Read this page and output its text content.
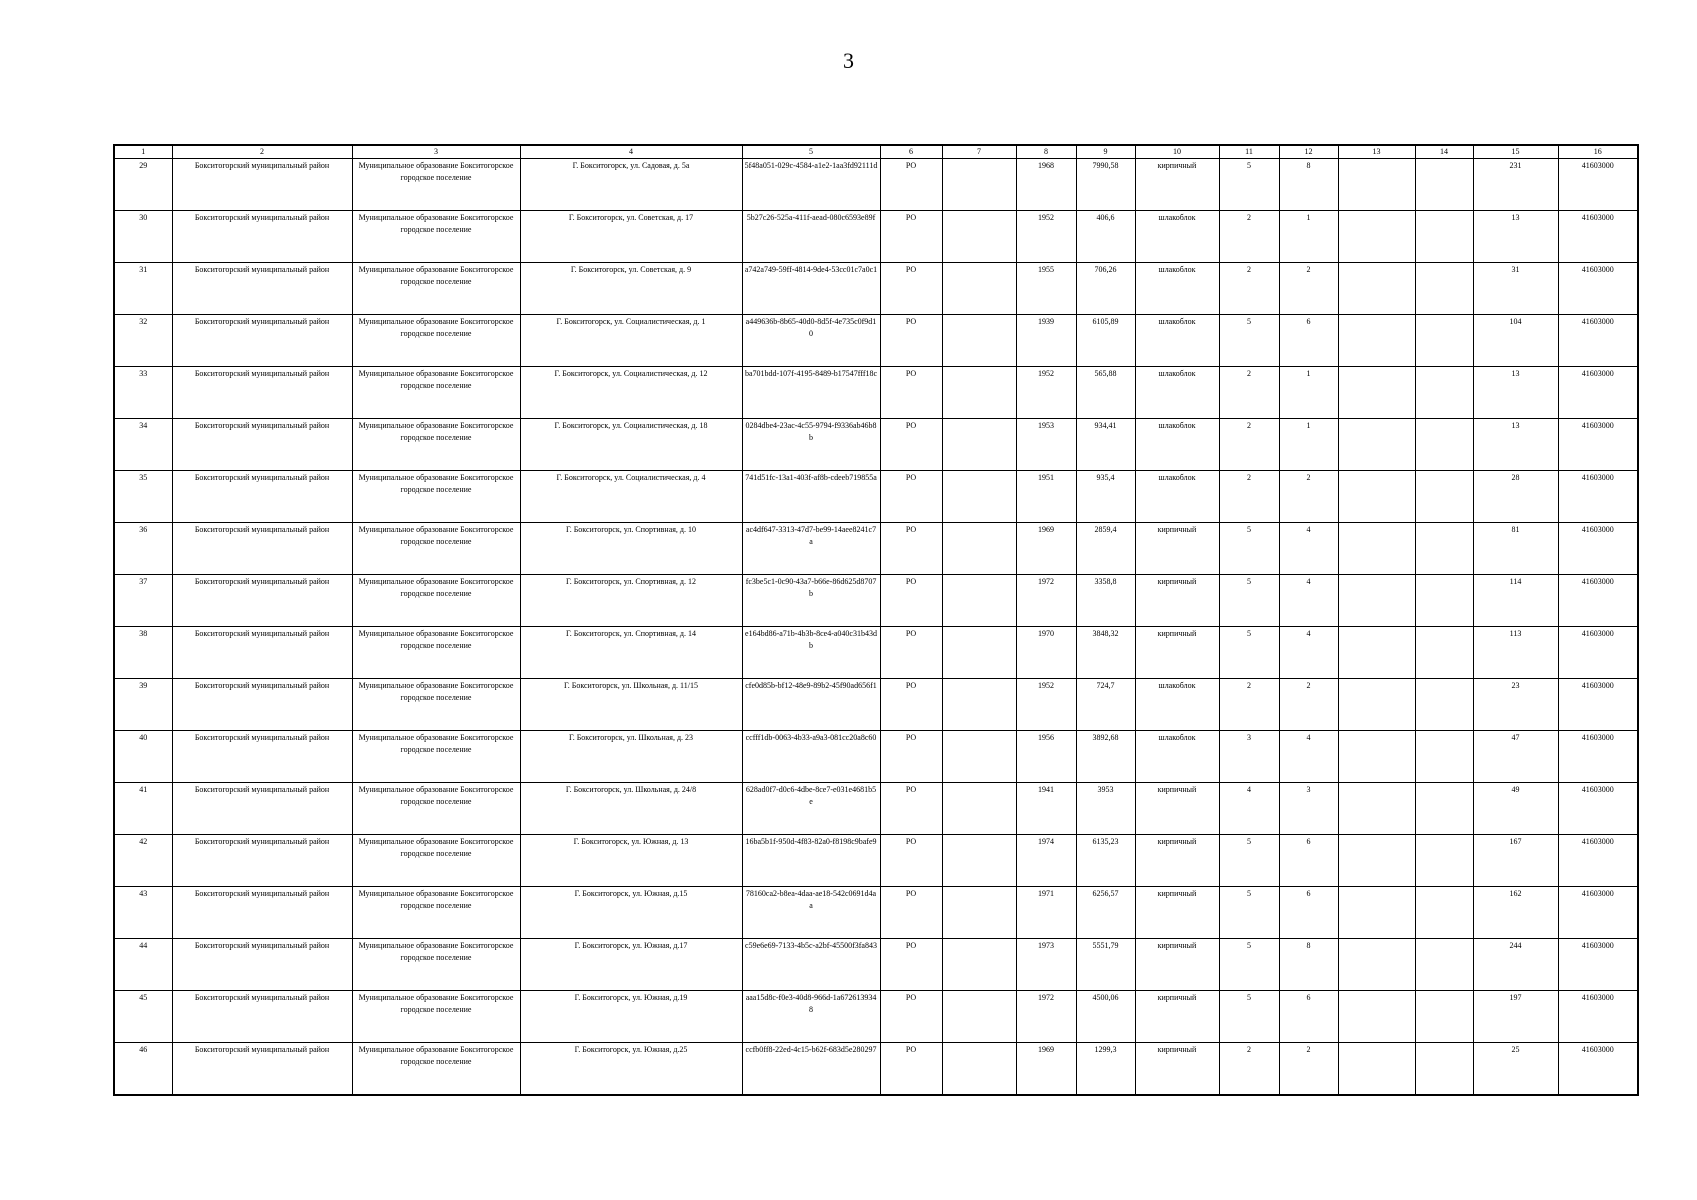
3
1	2	3	4	5	6	7	8	9	10	11	12	13	14	15	16
29	Бокситогорский муниципальный район	Муниципальное образование Бокситогорское городское поселение	Г. Бокситогорск, ул. Садовая, д. 5а	5f48a051-029c-4584-a1e2-1aa3fd92111d	РО		1968	7990,58	кирпичный	5	8			231	41603000
30	Бокситогорский муниципальный район	Муниципальное образование Бокситогорское городское поселение	Г. Бокситогорск, ул. Советская, д. 17	5b27c26-525a-411f-aead-080c6593e89f	РО		1952	406,6	шлакоблок	2	1			13	41603000
31	Бокситогорский муниципальный район	Муниципальное образование Бокситогорское городское поселение	Г. Бокситогорск, ул. Советская, д. 9	a742a749-59ff-4814-9de4-53cc01c7a0c1	РО		1955	706,26	шлакоблок	2	2			31	41603000
32	Бокситогорский муниципальный район	Муниципальное образование Бокситогорское городское поселение	Г. Бокситогорск, ул. Социалистическая, д. 1	a449636b-8b65-40d0-8d5f-4e735c0f9d10	РО		1939	6105,89	шлакоблок	5	6			104	41603000
33	Бокситогорский муниципальный район	Муниципальное образование Бокситогорское городское поселение	Г. Бокситогорск, ул. Социалистическая, д. 12	ba701bdd-107f-4195-8489-b17547fff18c	РО		1952	565,88	шлакоблок	2	1			13	41603000
34	Бокситогорский муниципальный район	Муниципальное образование Бокситогорское городское поселение	Г. Бокситогорск, ул. Социалистическая, д. 18	0284dbe4-23ac-4c55-9794-f9336ab46b8b	РО		1953	934,41	шлакоблок	2	1			13	41603000
35	Бокситогорский муниципальный район	Муниципальное образование Бокситогорское городское поселение	Г. Бокситогорск, ул. Социалистическая, д. 4	741d51fc-13a1-403f-af8b-cdeeb719855a	РО		1951	935,4	шлакоблок	2	2			28	41603000
36	Бокситогорский муниципальный район	Муниципальное образование Бокситогорское городское поселение	Г. Бокситогорск, ул. Спортивная, д. 10	ac4df647-3313-47d7-be99-14aee8241c7a	РО		1969	2859,4	кирпичный	5	4			81	41603000
37	Бокситогорский муниципальный район	Муниципальное образование Бокситогорское городское поселение	Г. Бокситогорск, ул. Спортивная, д. 12	fc3be5c1-0c90-43a7-b66e-86d625d8707b	РО		1972	3358,8	кирпичный	5	4			114	41603000
38	Бокситогорский муниципальный район	Муниципальное образование Бокситогорское городское поселение	Г. Бокситогорск, ул. Спортивная, д. 14	e164bd86-a71b-4b3b-8ce4-a040c31b43db	РО		1970	3848,32	кирпичный	5	4			113	41603000
39	Бокситогорский муниципальный район	Муниципальное образование Бокситогорское городское поселение	Г. Бокситогорск, ул. Школьная, д. 11/15	cfe0d85b-bf12-48e9-89b2-45f90ad656f1	РО		1952	724,7	шлакоблок	2	2			23	41603000
40	Бокситогорский муниципальный район	Муниципальное образование Бокситогорское городское поселение	Г. Бокситогорск, ул. Школьная, д. 23	ccfff1db-0063-4b33-a9a3-081cc20a8c60	РО		1956	3892,68	шлакоблок	3	4			47	41603000
41	Бокситогорский муниципальный район	Муниципальное образование Бокситогорское городское поселение	Г. Бокситогорск, ул. Школьная, д. 24/8	628ad0f7-d0c6-4dbe-8ce7-e031e4681b5e	РО		1941	3953	кирпичный	4	3			49	41603000
42	Бокситогорский муниципальный район	Муниципальное образование Бокситогорское городское поселение	Г. Бокситогорск, ул. Южная, д. 13	16ba5b1f-950d-4f83-82a0-f8198c9bafe9	РО		1974	6135,23	кирпичный	5	6			167	41603000
43	Бокситогорский муниципальный район	Муниципальное образование Бокситогорское городское поселение	Г. Бокситогорск, ул. Южная, д.15	78160ca2-b8ea-4daa-ae18-542c0691d4aa	РО		1971	6256,57	кирпичный	5	6			162	41603000
44	Бокситогорский муниципальный район	Муниципальное образование Бокситогорское городское поселение	Г. Бокситогорск, ул. Южная, д.17	c59e6e69-7133-4b5c-a2bf-45500f3fa843	РО		1973	5551,79	кирпичный	5	8			244	41603000
45	Бокситогорский муниципальный район	Муниципальное образование Бокситогорское городское поселение	Г. Бокситогорск, ул. Южная, д.19	aaa15d8c-f0e3-40d8-966d-1a6726139348	РО		1972	4500,06	кирпичный	5	6			197	41603000
46	Бокситогорский муниципальный район	Муниципальное образование Бокситогорское городское поселение	Г. Бокситогорск, ул. Южная, д.25	ccfb0ff8-22ed-4c15-b62f-683d5e280297	РО		1969	1299,3	кирпичный	2	2			25	41603000
